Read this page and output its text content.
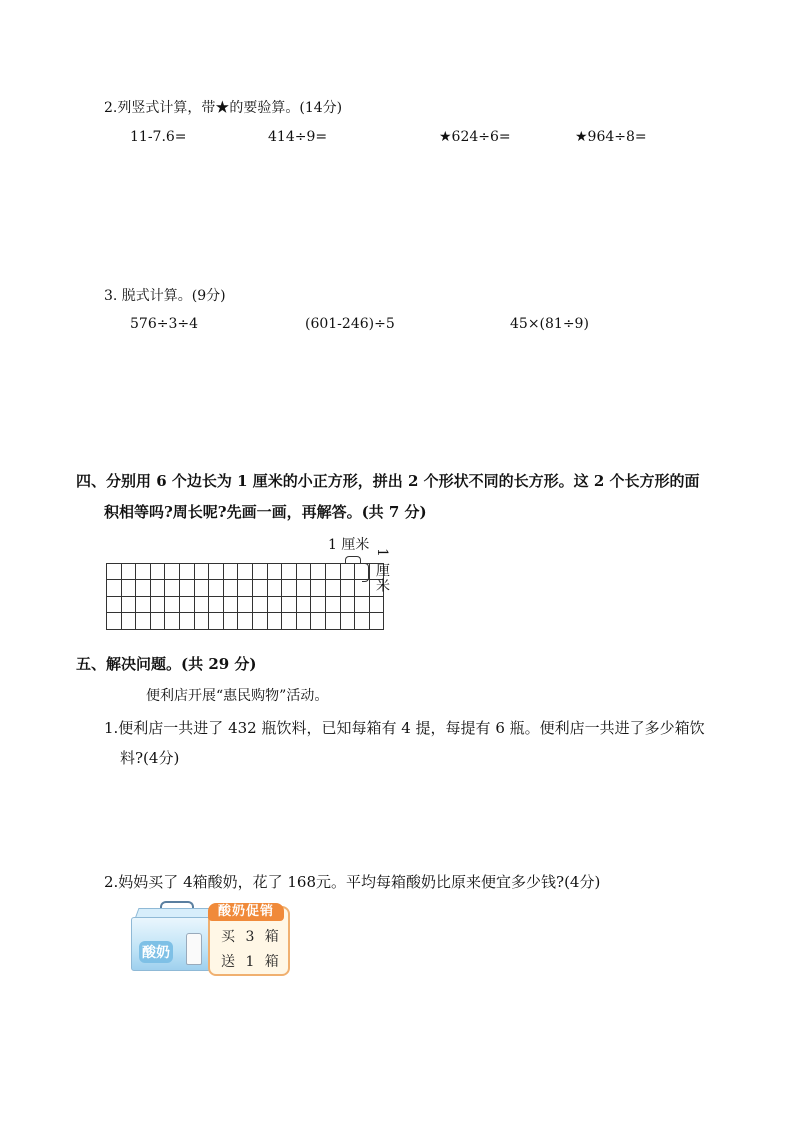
2.列竖式计算，带★的要验算。(14分)
11-7.6=	414÷9=	★624÷6=	★964÷8=
3. 脱式计算。(9分)
576÷3÷4	(601-246)÷5	45×(81÷9)
四、分别用 6 个边长为 1 厘米的小正方形，拼出 2 个形状不同的长方形。这 2 个长方形的面
积相等吗?周长呢?先画一画，再解答。(共 7 分)

1 厘米
1 厘米
五、解决问题。(共 29 分)
便利店开展“惠民购物”活动。
1.便利店一共进了 432 瓶饮料，已知每箱有 4 提，每提有 6 瓶。便利店一共进了多少箱饮
料?(4分)
2.妈妈买了 4箱酸奶，花了 168元。平均每箱酸奶比原来便宜多少钱?(4分)
酸奶
酸奶促销
买 3 箱
送 1 箱
